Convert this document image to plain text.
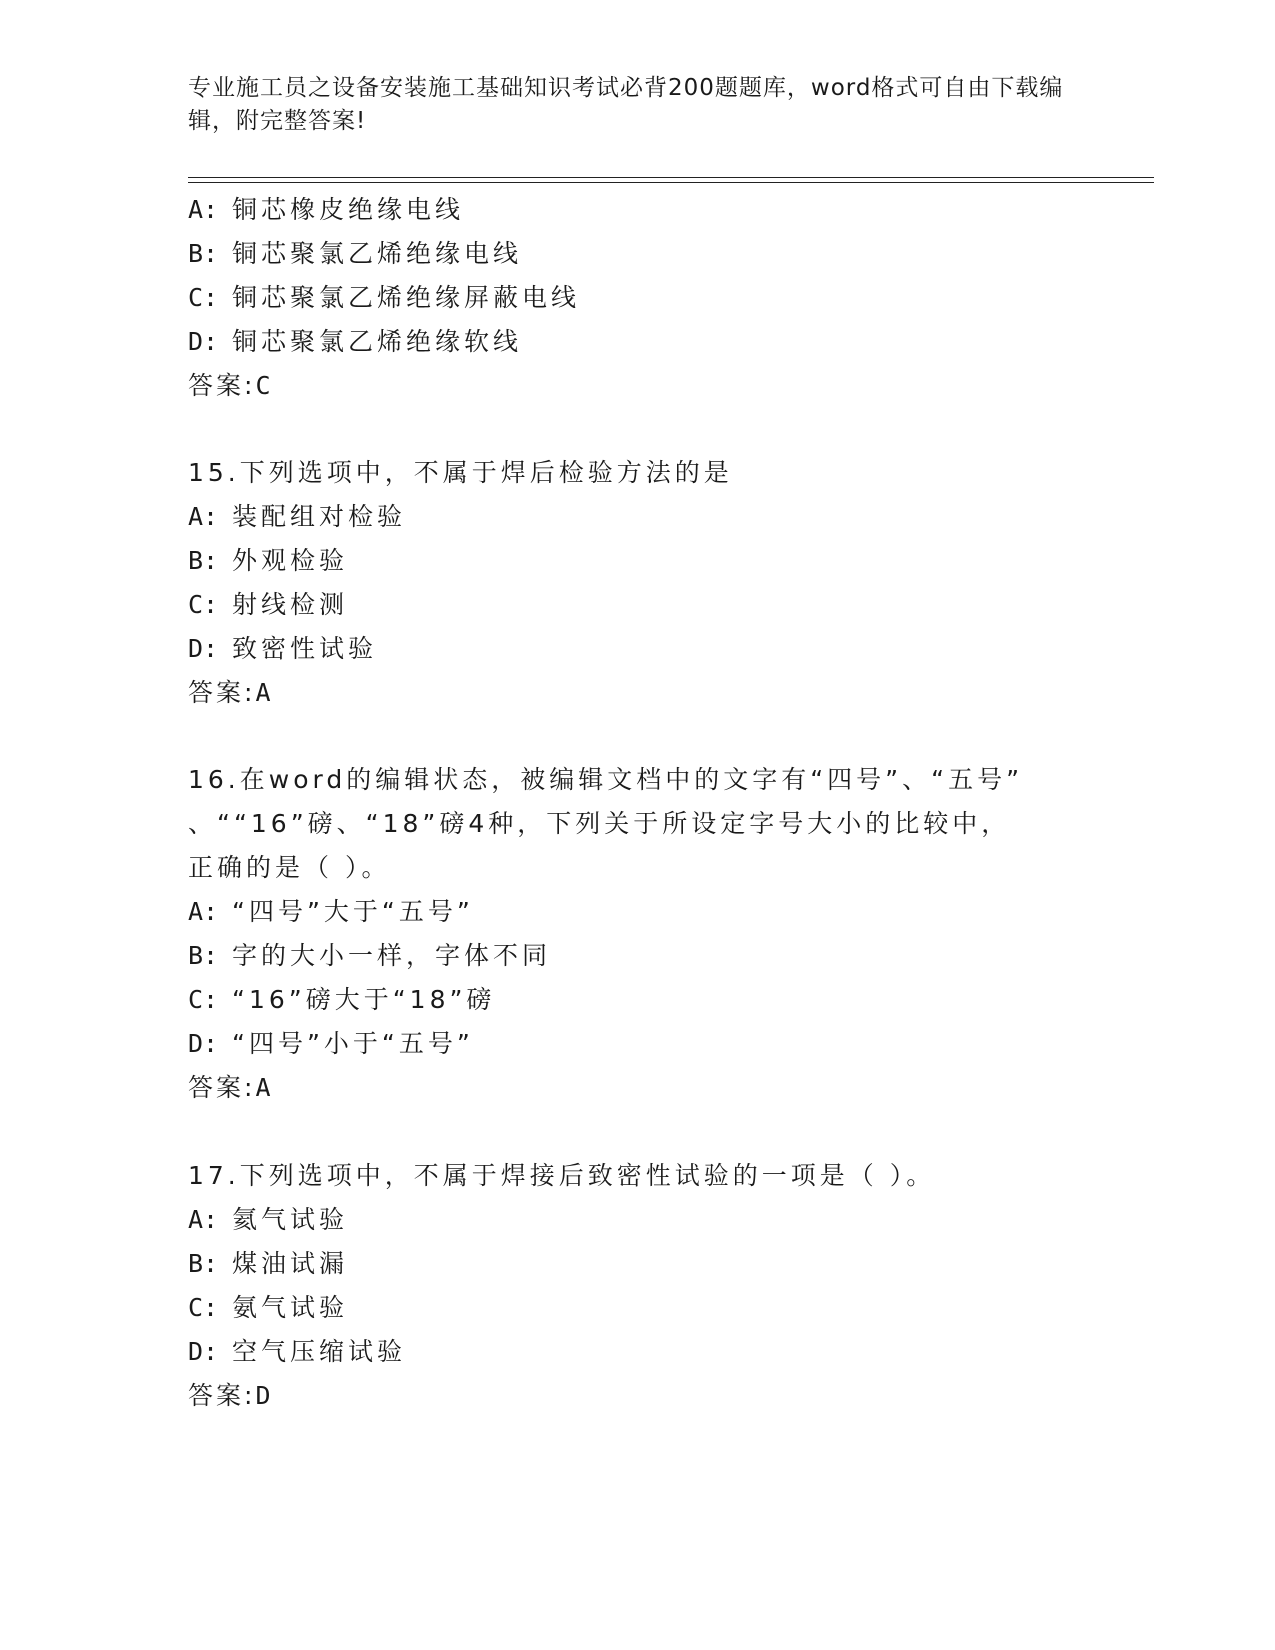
专业施工员之设备安装施工基础知识考试必背200题题库，word格式可自由下载编辑，附完整答案!
A: 铜芯橡皮绝缘电线
B: 铜芯聚氯乙烯绝缘电线
C: 铜芯聚氯乙烯绝缘屏蔽电线
D: 铜芯聚氯乙烯绝缘软线
答案:C
15.下列选项中，不属于焊后检验方法的是
A: 装配组对检验
B: 外观检验
C: 射线检测
D: 致密性试验
答案:A
16.在word的编辑状态，被编辑文档中的文字有“四号”、“五号”
、““16”磅、“18”磅4种，下列关于所设定字号大小的比较中，
正确的是（ ）。
A: “四号”大于“五号”
B: 字的大小一样，字体不同
C: “16”磅大于“18”磅
D: “四号”小于“五号”
答案:A
17.下列选项中，不属于焊接后致密性试验的一项是（ ）。
A: 氦气试验
B: 煤油试漏
C: 氨气试验
D: 空气压缩试验
答案:D
